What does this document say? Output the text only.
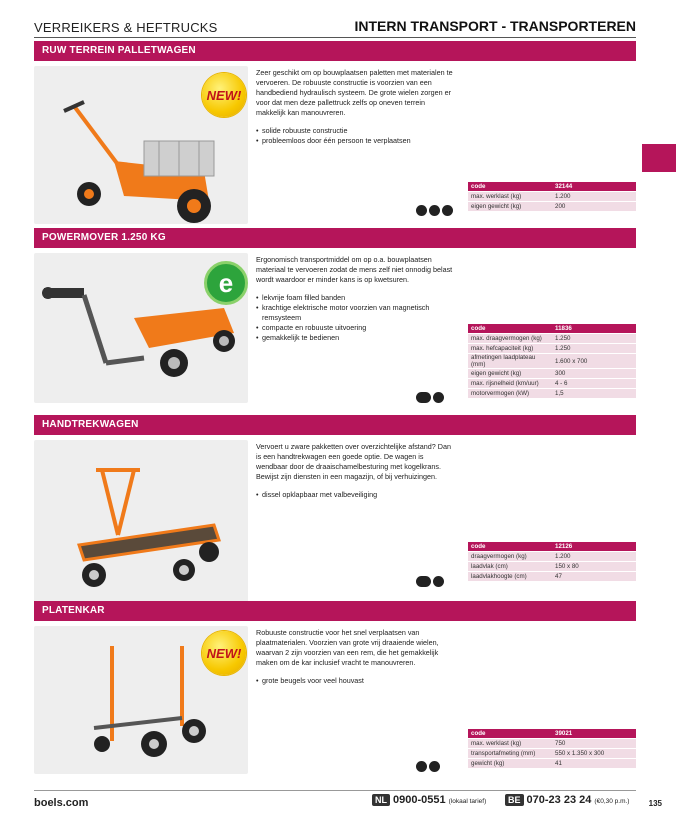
VERREIKERS & HEFTRUCKS	INTERN TRANSPORT - TRANSPORTEREN
RUW TERREIN PALLETWAGEN
NEW!
Zeer geschikt om op bouwplaatsen paletten met materialen te vervoeren. De robuuste constructie is voorzien van een handbediend hydraulisch systeem. De grote wielen zorgen er voor dat men deze pallettruck zelfs op oneven terrein makkelijk kan manouvreren.
• solide robuuste constructie
• probleemloos door één persoon te verplaatsen
code	32144
max. werklast (kg)	1.200
eigen gewicht (kg)	200
POWERMOVER 1.250 KG
e
Ergonomisch transportmiddel om op o.a. bouwplaatsen materiaal te vervoeren zodat de mens zelf niet onnodig belast wordt waardoor er minder kans is op kwetsuren.
• lekvrije foam filled banden
• krachtige elektrische motor voorzien van magnetisch remsysteem
• compacte en robuuste uitvoering
• gemakkelijk te bedienen
code	11836
max. draagvermogen (kg)	1.250
max. hefcapaciteit (kg)	1.250
afmetingen laadplateau (mm)	1.600 x 700
eigen gewicht (kg)	300
max. rijsnelheid (km/uur)	4 - 6
motorvermogen (kW)	1,5
HANDTREKWAGEN
Vervoert u zware pakketten over overzichtelijke afstand? Dan is een handtrekwagen een goede optie. De wagen is wendbaar door de draaischamelbesturing met kogelkrans. Bewijst zijn diensten in een magazijn, of bij verhuizingen.
• dissel opklapbaar met valbeveiliging
code	12126
draagvermogen (kg)	1.200
laadvlak (cm)	150 x 80
laadvlakhoogte (cm)	47
PLATENKAR
NEW!
Robuuste constructie voor het snel verplaatsen van plaatmaterialen. Voorzien van grote vrij draaiende wielen, waarvan 2 zijn voorzien van een rem, die het gemakkelijk maken om de kar inclusief vracht te manouvreren.
• grote beugels voor veel houvast
code	39021
max. werklast (kg)	750
transportafmeting (mm)	550 x 1.350 x 300
gewicht (kg)	41
boels.com	NL 0900-0551 (lokaal tarief)	BE 070-23 23 24 (€0,30 p.m.) 135
